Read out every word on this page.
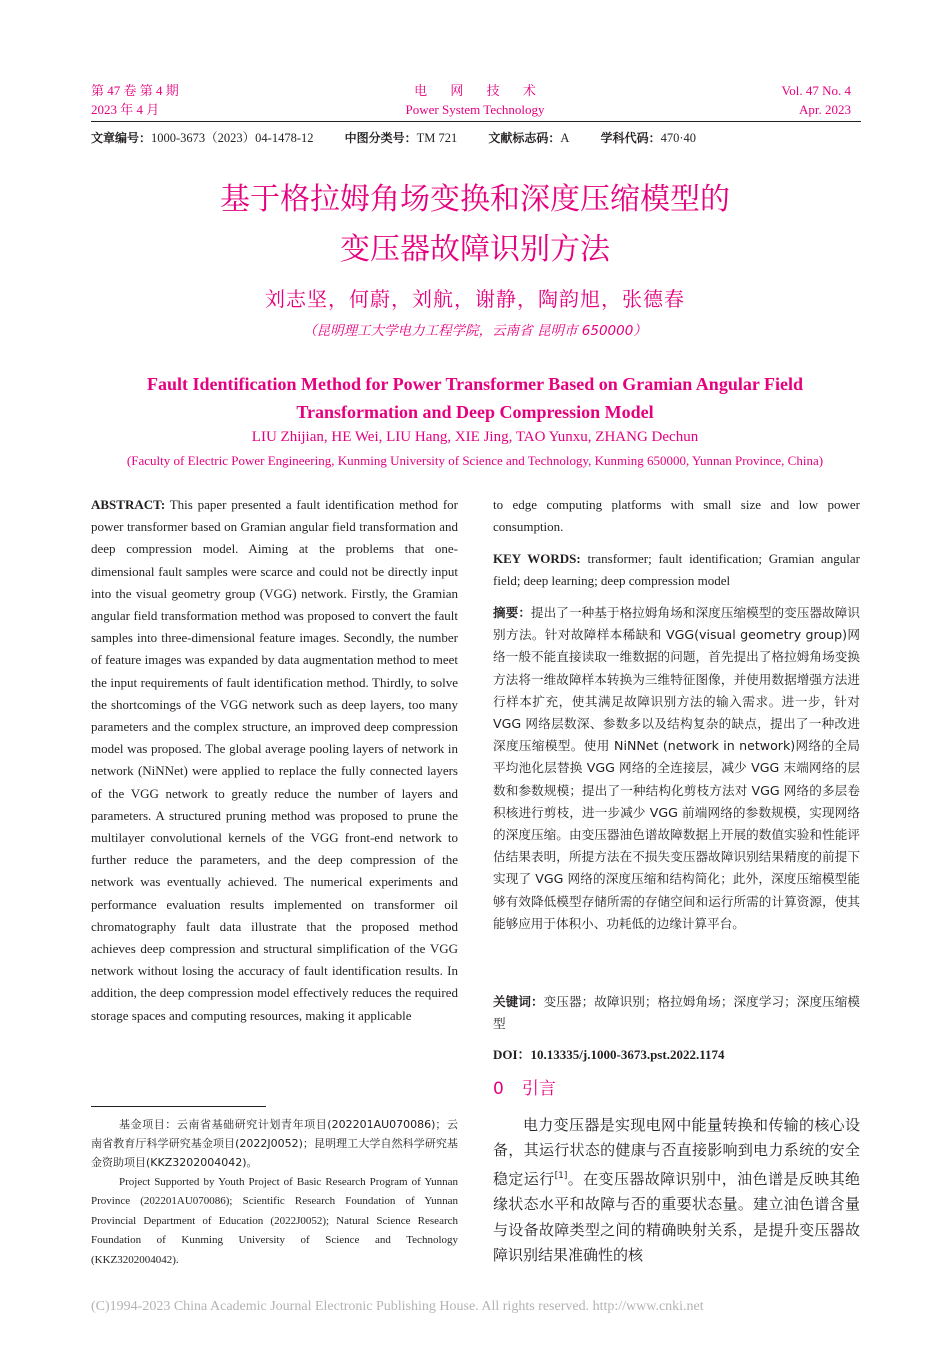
第 47 卷 第 4 期
2023 年 4 月
电 网 技 术
Power System Technology
Vol. 47 No. 4
Apr. 2023
文章编号：1000-3673（2023）04-1478-12	中图分类号：TM 721	文献标志码：A	学科代码：470·40
基于格拉姆角场变换和深度压缩模型的
变压器故障识别方法
刘志坚，何蔚，刘航，谢静，陶韵旭，张德春
（昆明理工大学电力工程学院，云南省 昆明市 650000）
Fault Identification Method for Power Transformer Based on Gramian Angular Field
Transformation and Deep Compression Model
LIU Zhijian, HE Wei, LIU Hang, XIE Jing, TAO Yunxu, ZHANG Dechun
(Faculty of Electric Power Engineering, Kunming University of Science and Technology, Kunming 650000, Yunnan Province, China)
ABSTRACT: This paper presented a fault identification method for power transformer based on Gramian angular field transformation and deep compression model. Aiming at the problems that one-dimensional fault samples were scarce and could not be directly input into the visual geometry group (VGG) network. Firstly, the Gramian angular field transformation method was proposed to convert the fault samples into three-dimensional feature images. Secondly, the number of feature images was expanded by data augmentation method to meet the input requirements of fault identification method. Thirdly, to solve the shortcomings of the VGG network such as deep layers, too many parameters and the complex structure, an improved deep compression model was proposed. The global average pooling layers of network in network (NiNNet) were applied to replace the fully connected layers of the VGG network to greatly reduce the number of layers and parameters. A structured pruning method was proposed to prune the multilayer convolutional kernels of the VGG front-end network to further reduce the parameters, and the deep compression of the network was eventually achieved. The numerical experiments and performance evaluation results implemented on transformer oil chromatography fault data illustrate that the proposed method achieves deep compression and structural simplification of the VGG network without losing the accuracy of fault identification results. In addition, the deep compression model effectively reduces the required storage spaces and computing resources, making it applicable
基金项目：云南省基础研究计划青年项目(202201AU070086)；云南省教育厅科学研究基金项目(2022J0052)；昆明理工大学自然科学研究基金资助项目(KKZ3202004042)。
Project Supported by Youth Project of Basic Research Program of Yunnan Province (202201AU070086); Scientific Research Foundation of Yunnan Provincial Department of Education (2022J0052); Natural Science Research Foundation of Kunming University of Science and Technology (KKZ3202004042).
to edge computing platforms with small size and low power consumption.
KEY WORDS: transformer; fault identification; Gramian angular field; deep learning; deep compression model
摘要：提出了一种基于格拉姆角场和深度压缩模型的变压器故障识别方法。针对故障样本稀缺和 VGG(visual geometry group)网络一般不能直接读取一维数据的问题，首先提出了格拉姆角场变换方法将一维故障样本转换为三维特征图像，并使用数据增强方法进行样本扩充，使其满足故障识别方法的输入需求。进一步，针对 VGG 网络层数深、参数多以及结构复杂的缺点，提出了一种改进深度压缩模型。使用 NiNNet (network in network)网络的全局平均池化层替换 VGG 网络的全连接层，减少 VGG 末端网络的层数和参数规模；提出了一种结构化剪枝方法对 VGG 网络的多层卷积核进行剪枝，进一步减少 VGG 前端网络的参数规模，实现网络的深度压缩。由变压器油色谱故障数据上开展的数值实验和性能评估结果表明，所提方法在不损失变压器故障识别结果精度的前提下实现了 VGG 网络的深度压缩和结构简化；此外，深度压缩模型能够有效降低模型存储所需的存储空间和运行所需的计算资源，使其能够应用于体积小、功耗低的边缘计算平台。
关键词：变压器；故障识别；格拉姆角场；深度学习；深度压缩模型
DOI：10.13335/j.1000-3673.pst.2022.1174
0 引言
电力变压器是实现电网中能量转换和传输的核心设备，其运行状态的健康与否直接影响到电力系统的安全稳定运行[1]。在变压器故障识别中，油色谱是反映其绝缘状态水平和故障与否的重要状态量。建立油色谱含量与设备故障类型之间的精确映射关系，是提升变压器故障识别结果准确性的核
(C)1994-2023 China Academic Journal Electronic Publishing House. All rights reserved. http://www.cnki.net
